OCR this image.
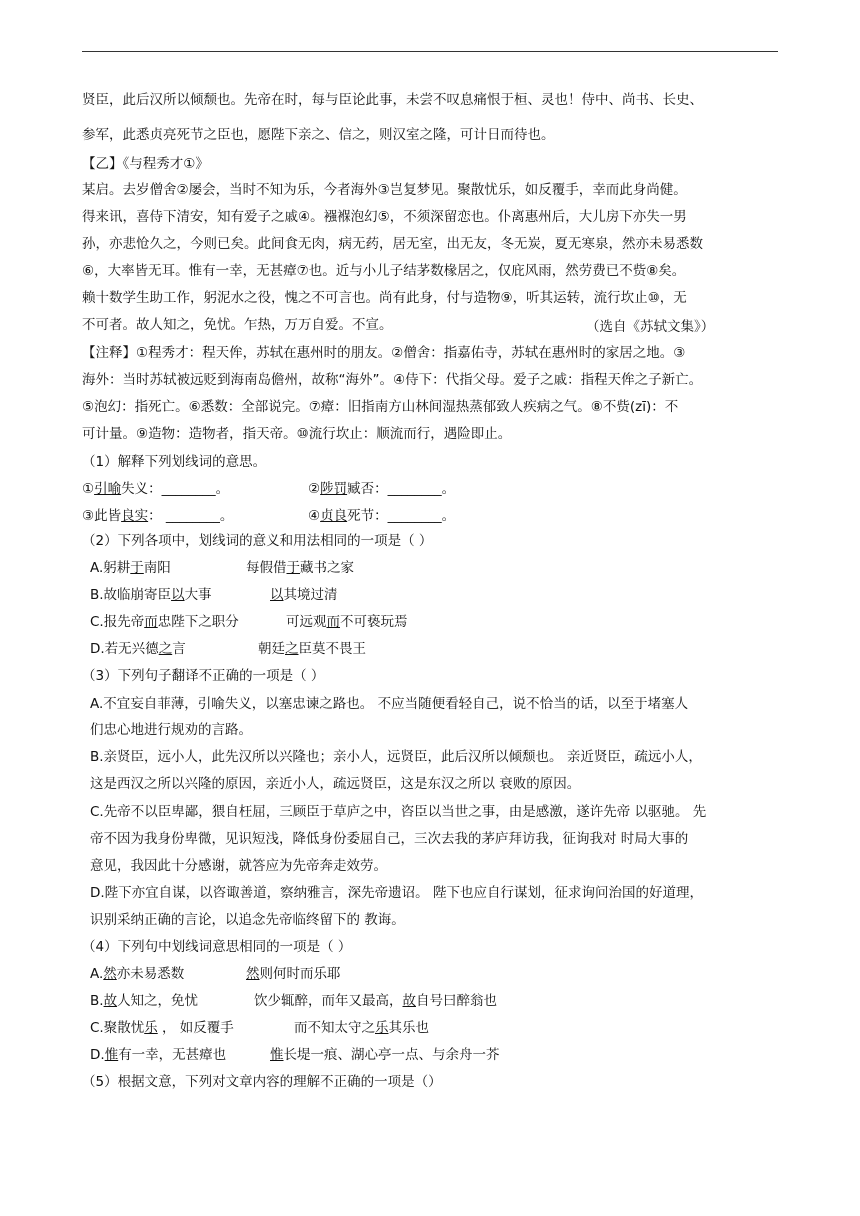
贤臣，此后汉所以倾颓也。先帝在时，每与臣论此事，未尝不叹息痛恨于桓、灵也！侍中、尚书、长史、
参军，此悉贞亮死节之臣也，愿陛下亲之、信之，则汉室之隆，可计日而待也。
【乙】《与程秀才①》
某启。去岁僧舍②屡会，当时不知为乐，今者海外③岂复梦见。聚散忧乐，如反覆手，幸而此身尚健。
得来讯，喜侍下清安，知有爱子之戚④。襁褓泡幻⑤，不须深留恋也。仆离惠州后，大儿房下亦失一男
孙，亦悲怆久之，今则已矣。此间食无肉，病无药，居无室，出无友，冬无炭，夏无寒泉，然亦未易悉数
⑥，大率皆无耳。惟有一幸，无甚瘴⑦也。近与小儿子结茅数椽居之，仅庇风雨，然劳费已不赀⑧矣。
赖十数学生助工作，躬泥水之役，愧之不可言也。尚有此身，付与造物⑨，听其运转，流行坎止⑩，无
不可者。故人知之，免忧。乍热，万万自爱。不宣。	（选自《苏轼文集》）
【注释】①程秀才：程天侔，苏轼在惠州时的朋友。②僧舍：指嘉佑寺，苏轼在惠州时的家居之地。③
海外：当时苏轼被远贬到海南岛儋州，故称“海外”。④侍下：代指父母。爱子之戚：指程天侔之子新亡。
⑤泡幻：指死亡。⑥悉数：全部说完。⑦瘴：旧指南方山林间湿热蒸郁致人疾病之气。⑧不赀(zī)：不
可计量。⑨造物：造物者，指天帝。⑩流行坎止：顺流而行，遇险即止。
（1）解释下列划线词的意思。
①引喻失义：________。	②陟罚臧否：________。
③此皆良实： ________。	④贞良死节：________。
（2）下列各项中，划线词的意义和用法相同的一项是（ ）
A.躬耕于南阳	每假借于藏书之家
B.故临崩寄臣以大事	以其境过清
C.报先帝而忠陛下之职分	可远观而不可亵玩焉
D.若无兴德之言	朝廷之臣莫不畏王
（3）下列句子翻译不正确的一项是（ ）
A.不宜妄自菲薄，引喻失义，以塞忠谏之路也。 不应当随便看轻自己，说不恰当的话，以至于堵塞人
们忠心地进行规劝的言路。
B.亲贤臣，远小人，此先汉所以兴隆也；亲小人，远贤臣，此后汉所以倾颓也。 亲近贤臣，疏远小人，
这是西汉之所以兴隆的原因，亲近小人，疏远贤臣，这是东汉之所以 衰败的原因。
C.先帝不以臣卑鄙，猥自枉屈，三顾臣于草庐之中，咨臣以当世之事，由是感激，遂许先帝 以驱驰。 先
帝不因为我身份卑微，见识短浅，降低身份委屈自己，三次去我的茅庐拜访我，征询我对 时局大事的
意见，我因此十分感谢，就答应为先帝奔走效劳。
D.陛下亦宜自谋，以咨诹善道，察纳雅言，深先帝遗诏。 陛下也应自行谋划，征求询问治国的好道理，
识别采纳正确的言论，以追念先帝临终留下的 教诲。
（4）下列句中划线词意思相同的一项是（ ）
A.然亦未易悉数	然则何时而乐耶
B.故人知之，免忧	饮少辄醉，而年又最高，故自号曰醉翁也
C.聚散忧乐 ， 如反覆手	而不知太守之乐其乐也
D.惟有一幸，无甚瘴也	惟长堤一痕、湖心亭一点、与余舟一芥
（5）根据文意，下列对文章内容的理解不正确的一项是（）
